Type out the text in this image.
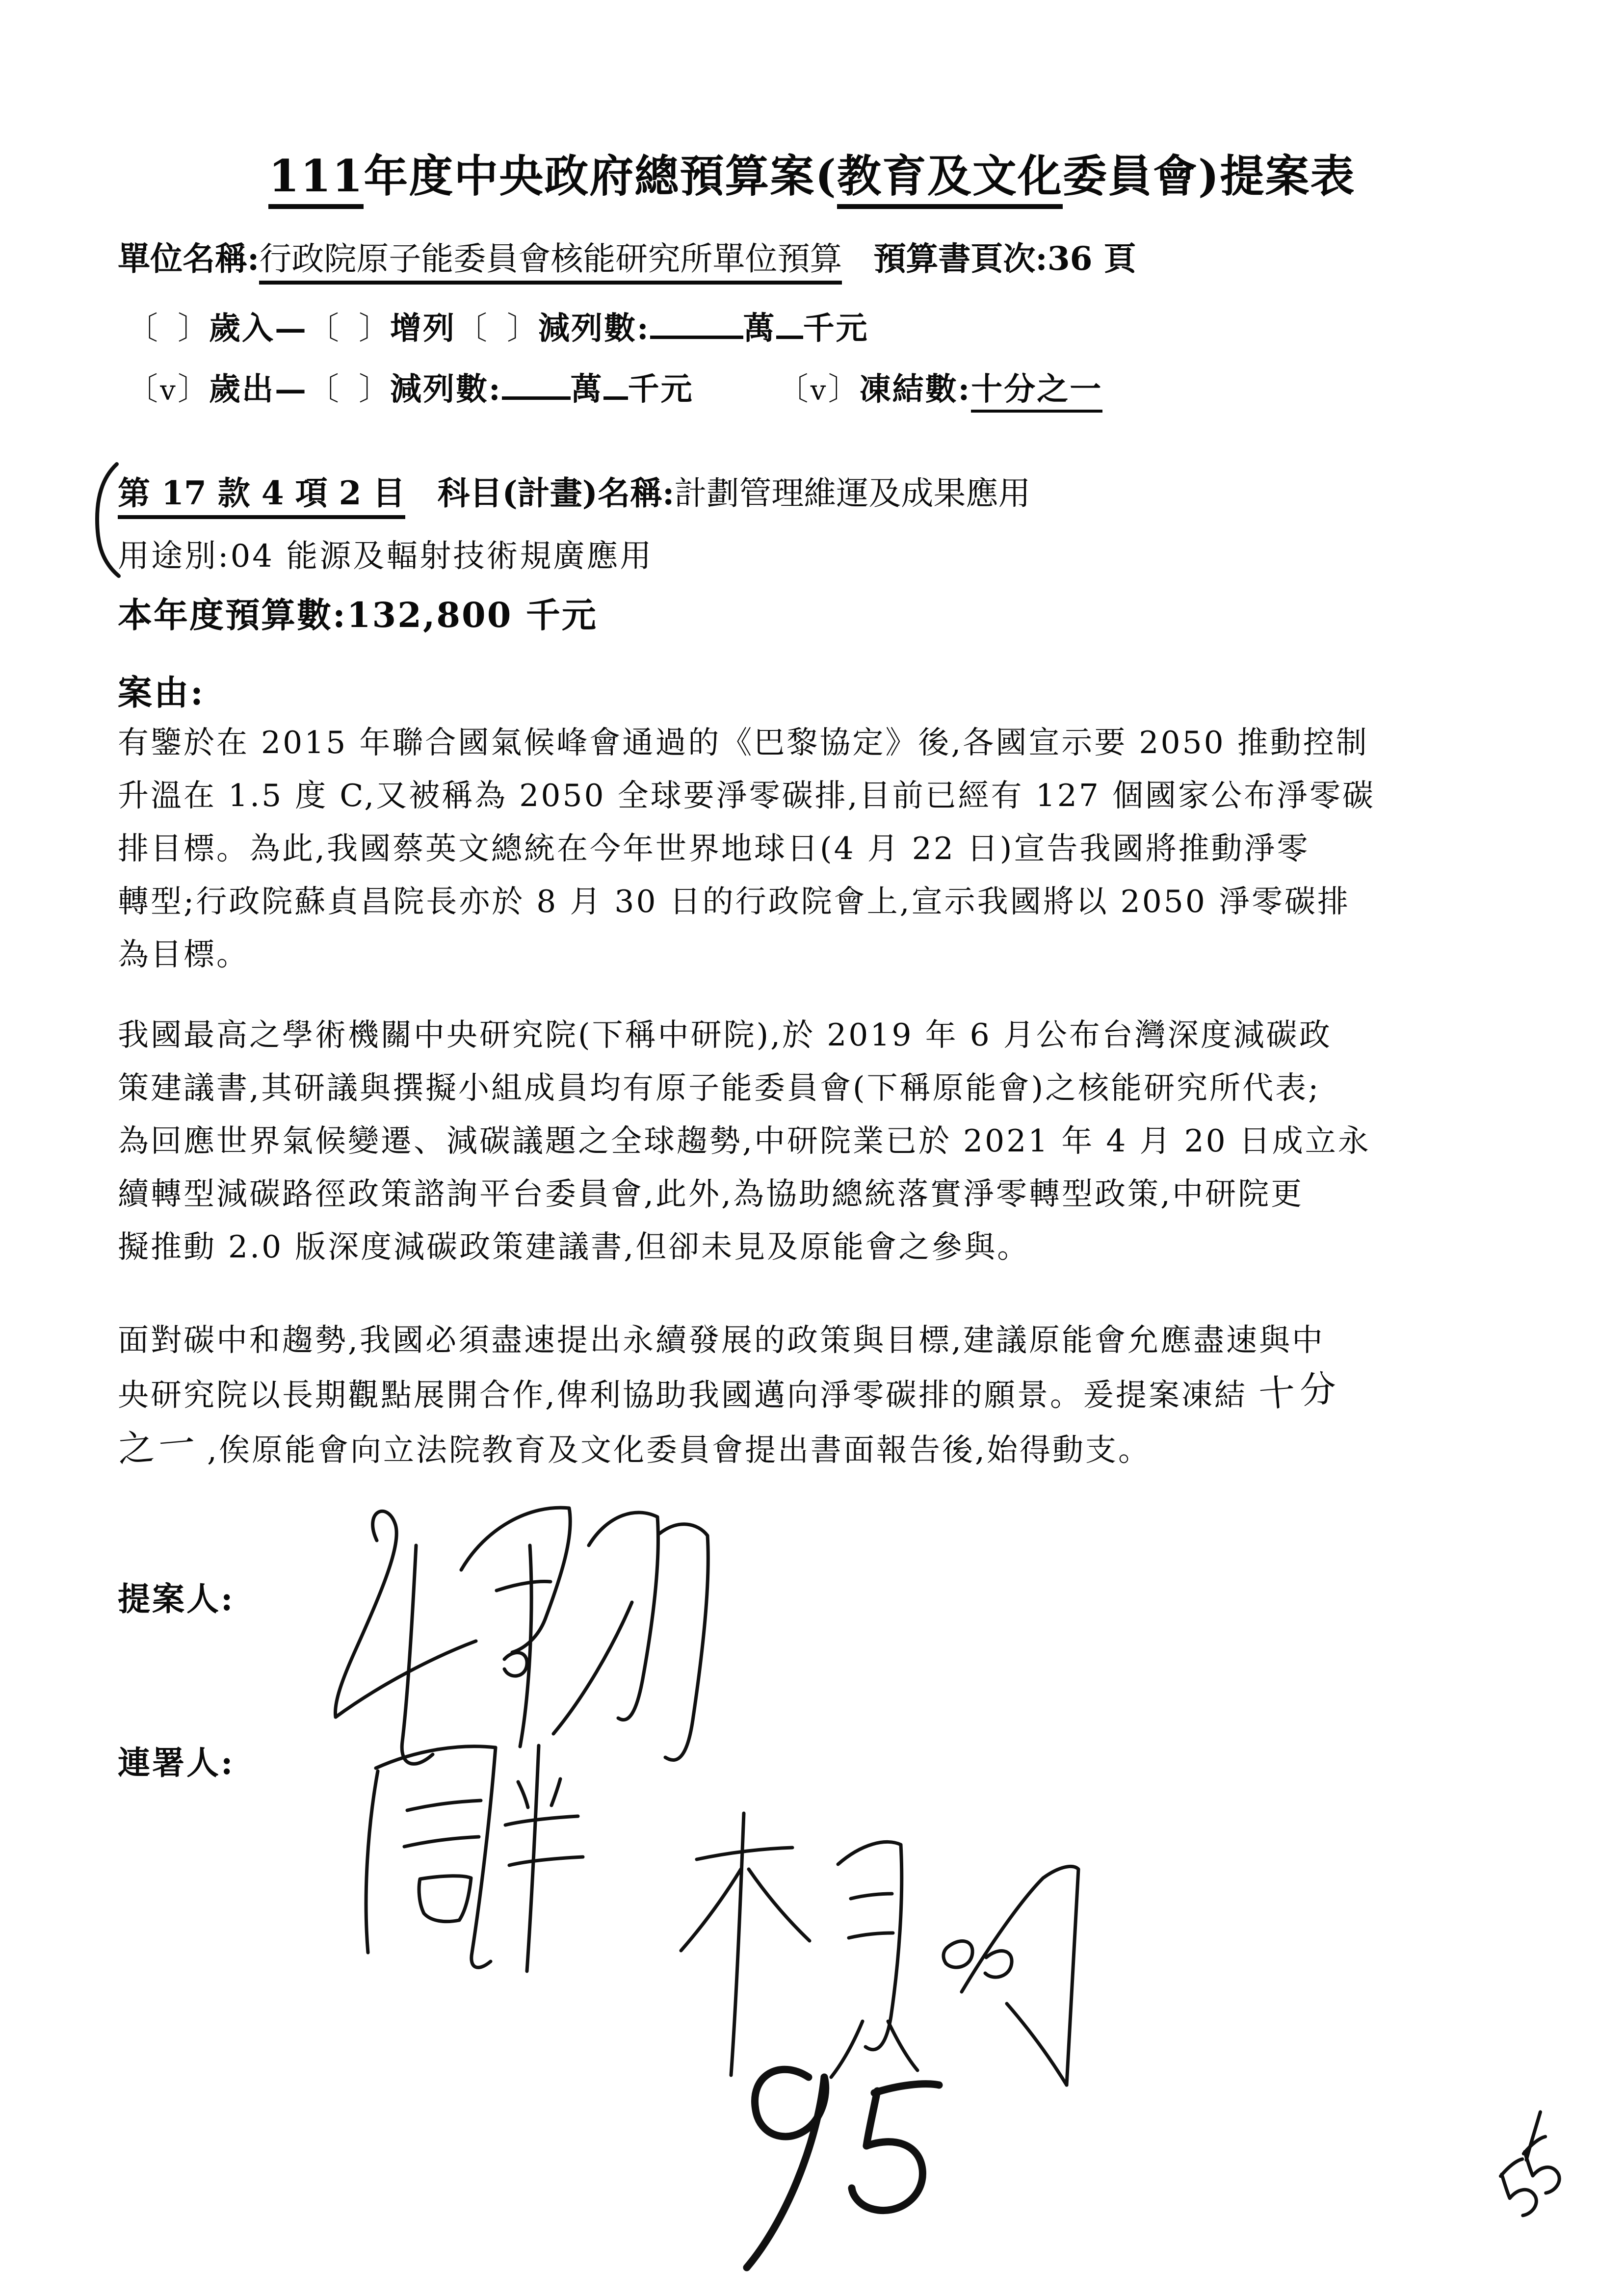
111年度中央政府總預算案(教育及文化委員會)提案表
單位名稱:行政院原子能委員會核能研究所單位預算 預算書頁次:36 頁
〔 〕歲入—〔 〕增列〔 〕減列數:	萬 千元
〔v〕歲出—〔 〕減列數: 萬 千元	〔v〕凍結數:十分之一
第 17 款 4 項 2 目 科目(計畫)名稱:計劃管理維運及成果應用
用途別:04 能源及輻射技術規廣應用
本年度預算數:132,800 千元
案由:
有鑒於在 2015 年聯合國氣候峰會通過的《巴黎協定》後,各國宣示要 2050 推動控制
升溫在 1.5 度 C,又被稱為 2050 全球要淨零碳排,目前已經有 127 個國家公布淨零碳
排目標。為此,我國蔡英文總統在今年世界地球日(4 月 22 日)宣告我國將推動淨零
轉型;行政院蘇貞昌院長亦於 8 月 30 日的行政院會上,宣示我國將以 2050 淨零碳排
為目標。
我國最高之學術機關中央研究院(下稱中研院),於 2019 年 6 月公布台灣深度減碳政
策建議書,其研議與撰擬小組成員均有原子能委員會(下稱原能會)之核能研究所代表;
為回應世界氣候變遷、減碳議題之全球趨勢,中研院業已於 2021 年 4 月 20 日成立永
續轉型減碳路徑政策諮詢平台委員會,此外,為協助總統落實淨零轉型政策,中研院更
擬推動 2.0 版深度減碳政策建議書,但卻未見及原能會之參與。
面對碳中和趨勢,我國必須盡速提出永續發展的政策與目標,建議原能會允應盡速與中
央研究院以長期觀點展開合作,俾利協助我國邁向淨零碳排的願景。爰提案凍結 十分
之一 ,俟原能會向立法院教育及文化委員會提出書面報告後,始得動支。
提案人:
連署人:
